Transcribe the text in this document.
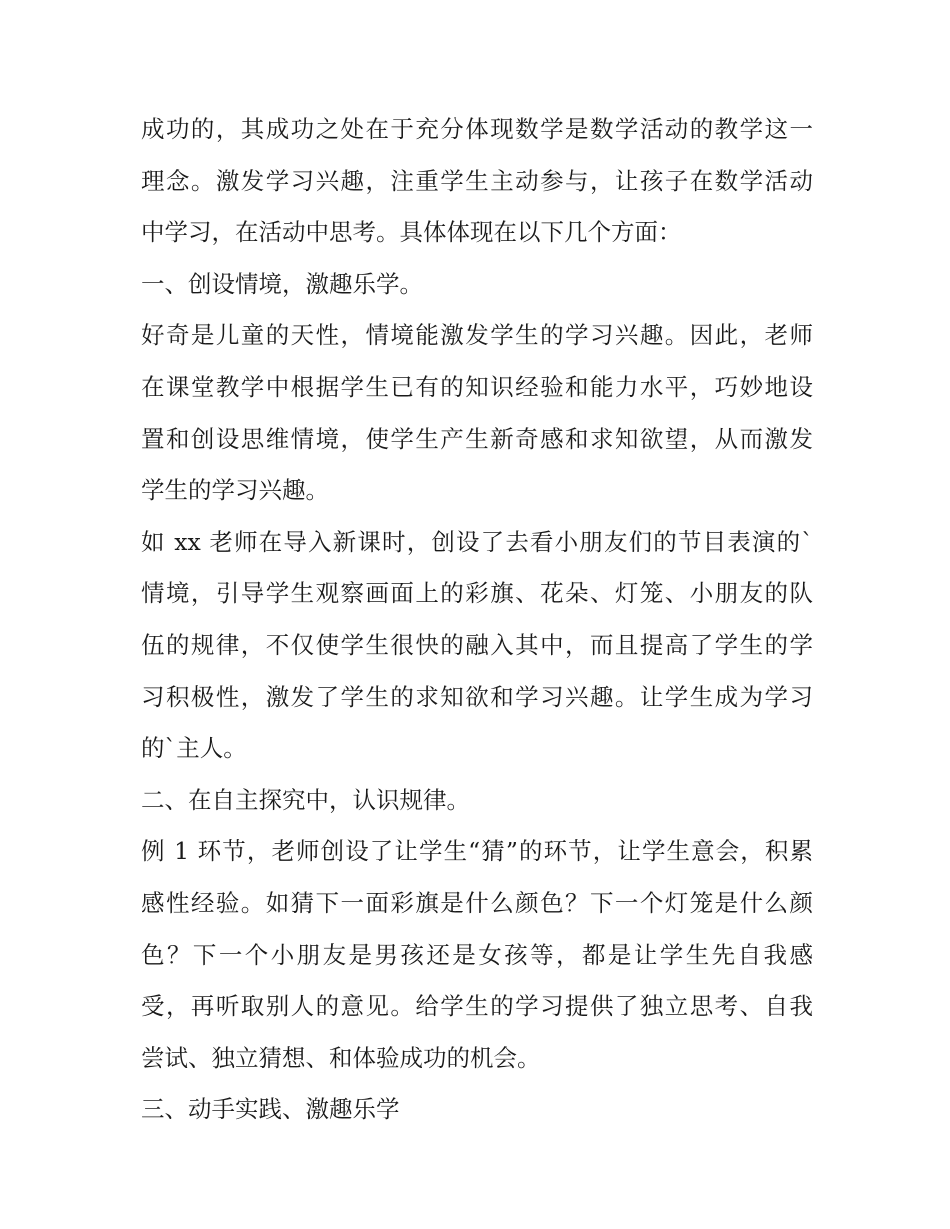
成功的，其成功之处在于充分体现数学是数学活动的教学这一
理念。激发学习兴趣，注重学生主动参与，让孩子在数学活动
中学习，在活动中思考。具体体现在以下几个方面：
一、创设情境，激趣乐学。
好奇是儿童的天性，情境能激发学生的学习兴趣。因此，老师
在课堂教学中根据学生已有的知识经验和能力水平，巧妙地设
置和创设思维情境，使学生产生新奇感和求知欲望，从而激发
学生的学习兴趣。
如 xx 老师在导入新课时，创设了去看小朋友们的节目表演的`
情境，引导学生观察画面上的彩旗、花朵、灯笼、小朋友的队
伍的规律，不仅使学生很快的融入其中，而且提高了学生的学
习积极性，激发了学生的求知欲和学习兴趣。让学生成为学习
的`主人。
二、在自主探究中，认识规律。
例 1 环节，老师创设了让学生“猜”的环节，让学生意会，积累
感性经验。如猜下一面彩旗是什么颜色？下一个灯笼是什么颜
色？下一个小朋友是男孩还是女孩等，都是让学生先自我感
受，再听取别人的意见。给学生的学习提供了独立思考、自我
尝试、独立猜想、和体验成功的机会。
三、动手实践、激趣乐学
